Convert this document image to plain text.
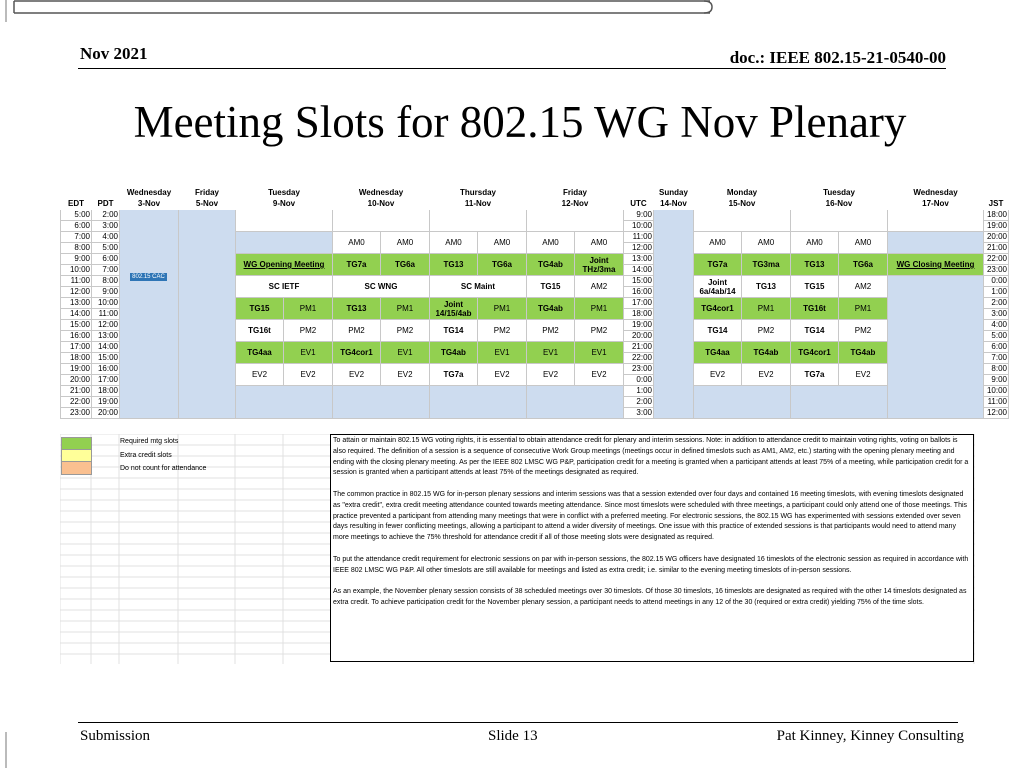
Nov 2021	doc.: IEEE 802.15-21-0540-00
Meeting Slots for 802.15 WG Nov Plenary
		Wednesday	Friday	Tuesday		Wednesday		Thursday		Friday			Sunday	Monday		Tuesday		Wednesday	
EDT	PDT	3-Nov	5-Nov	9-Nov		10-Nov		11-Nov		12-Nov		UTC	14-Nov	15-Nov		16-Nov		17-Nov	JST
5:00	2:00											9:00							18:00
6:00	3:00											10:00							19:00
7:00	4:00					AM0	AM0	AM0	AM0	AM0	AM0	11:00		AM0	AM0	AM0	AM0		20:00
8:00	5:00											12:00							21:00
9:00	6:00			WG Opening Meeting		TG7a	TG6a	TG13	TG6a	TG4ab	Joint THz/3ma	13:00		TG7a	TG3ma	TG13	TG6a	WG Closing Meeting	22:00
10:00	7:00											14:00							23:00
11:00	8:00			SC IETF		SC WNG		SC Maint		TG15	AM2	15:00		Joint 6a/4ab/14	TG13	TG15	AM2		0:00
12:00	9:00											16:00							1:00
13:00	10:00			TG15	PM1	TG13	PM1	Joint 14/15/4ab	PM1	TG4ab	PM1	17:00		TG4cor1	PM1	TG16t	PM1		2:00
14:00	11:00											18:00							3:00
15:00	12:00			TG16t	PM2	PM2	PM2	TG14	PM2	PM2	PM2	19:00		TG14	PM2	TG14	PM2		4:00
16:00	13:00											20:00							5:00
17:00	14:00			TG4aa	EV1	TG4cor1	EV1	TG4ab	EV1	EV1	EV1	21:00		TG4aa	TG4ab	TG4cor1	TG4ab		6:00
18:00	15:00											22:00							7:00
19:00	16:00			EV2	EV2	EV2	EV2	TG7a	EV2	EV2	EV2	23:00		EV2	EV2	TG7a	EV2		8:00
20:00	17:00											0:00							9:00
21:00	18:00											1:00							10:00
22:00	19:00											2:00							11:00
23:00	20:00											3:00							12:00
802.15 CAC
Required mtg slots
Extra credit slots
Do not count for attendance

To attain or maintain 802.15 WG voting rights, it is essential to obtain attendance credit for plenary and interim sessions. Note: in addition to attendance credit to maintain voting rights, voting on ballots is also required. The definition of a session is a sequence of consecutive Work Group meetings (meetings occur in defined timeslots such as AM1, AM2, etc.) starting with the opening plenary meeting and ending with the closing plenary meeting. As per the IEEE 802 LMSC WG P&P, participation credit for a meeting is granted when a participant attends at least 75% of a meeting, while participation credit for a session is granted when a participant attends at least 75% of the meetings designated as required.

The common practice in 802.15 WG for in-person plenary sessions and interim sessions was that a session extended over four days and contained 16 meeting timeslots, with evening timeslots designated as "extra credit", extra credit meeting attendance counted towards meeting attendance. Since most timeslots were scheduled with three meetings, a participant could only attend one of those meetings. This practice prevented a participant from attending many meetings that were in conflict with a preferred meeting. For electronic sessions, the 802.15 WG has experimented with sessions extended over seven days resulting in fewer conflicting meetings, allowing a participant to attend a wider diversity of meetings. One issue with this practice of extended sessions is that participants would need to attend many more meetings to achieve the 75% threshold for attendance credit if all of those meeting slots were designated as required.

To put the attendance credit requirement for electronic sessions on par with in-person sessions, the 802.15 WG officers have designated 16 timeslots of the electronic session as required in accordance with IEEE 802 LMSC WG P&P. All other timeslots are still available for meetings and listed as extra credit; i.e. similar to the evening meeting timeslots of in-person sessions.

As an example, the November plenary session consists of 38 scheduled meetings over 30 timeslots. Of those 30 timeslots, 16 timeslots are designated as required with the other 14 timeslots designated as extra credit. To achieve participation credit for the November plenary session, a participant needs to attend meetings in any 12 of the 30 (required or extra credit) yielding 75% of the time slots.

Submission	Slide 13	Pat Kinney, Kinney Consulting
